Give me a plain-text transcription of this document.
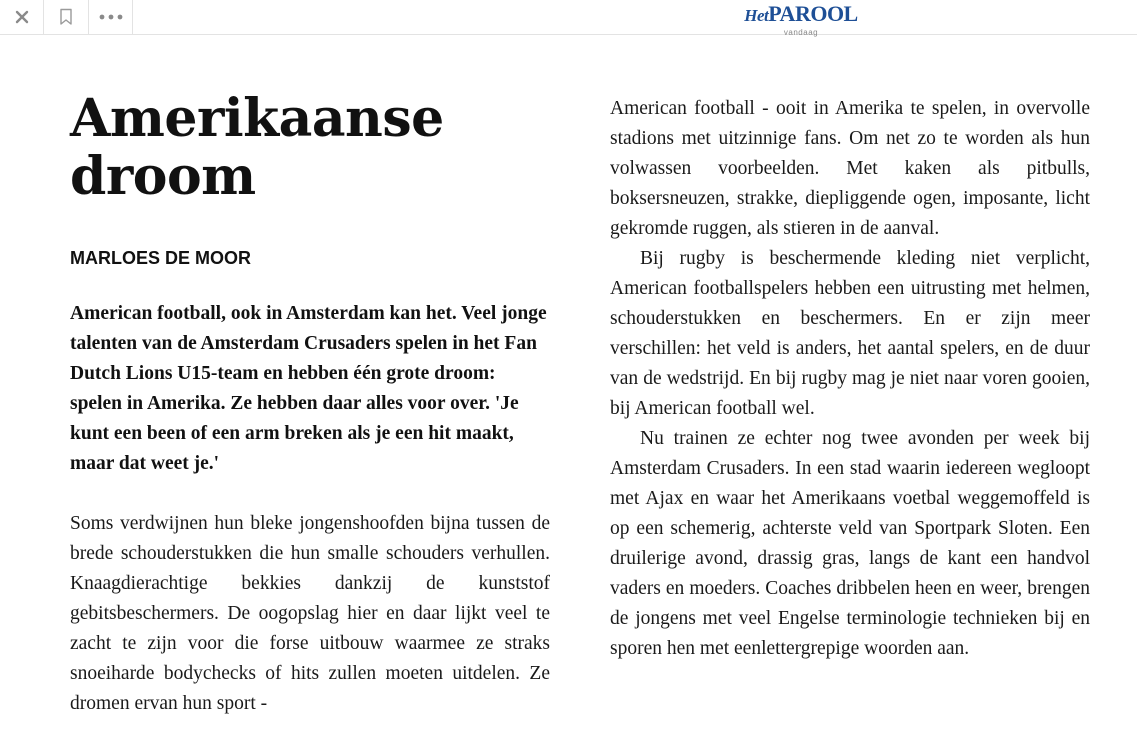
HetPAROOL
vandaag
Amerikaanse droom
MARLOES DE MOOR

American football, ook in Amsterdam kan het. Veel jonge talenten van de Amsterdam Crusaders spelen in het Fan Dutch Lions U15-team en hebben één grote droom: spelen in Amerika. Ze hebben daar alles voor over. 'Je kunt een been of een arm breken als je een hit maakt, maar dat weet je.'

Soms verdwijnen hun bleke jongenshoofden bijna tussen de brede schouderstukken die hun smalle schouders verhullen. Knaagdierachtige bekkies dankzij de kunststof gebitsbeschermers. De oogopslag hier en daar lijkt veel te zacht te zijn voor die forse uitbouw waarmee ze straks snoeiharde bodychecks of hits zullen moeten uitdelen. Ze dromen ervan hun sport -

American football - ooit in Amerika te spelen, in overvolle stadions met uitzinnige fans. Om net zo te worden als hun volwassen voorbeelden. Met kaken als pitbulls, boksersneuzen, strakke, diepliggende ogen, imposante, licht gekromde ruggen, als stieren in de aanval.

Bij rugby is beschermende kleding niet verplicht, American footballspelers hebben een uitrusting met helmen, schouderstukken en beschermers. En er zijn meer verschillen: het veld is anders, het aantal spelers, en de duur van de wedstrijd. En bij rugby mag je niet naar voren gooien, bij American football wel.

Nu trainen ze echter nog twee avonden per week bij Amsterdam Crusaders. In een stad waarin iedereen wegloopt met Ajax en waar het Amerikaans voetbal weggemoffeld is op een schemerig, achterste veld van Sportpark Sloten. Een druilerige avond, drassig gras, langs de kant een handvol vaders en moeders. Coaches dribbelen heen en weer, brengen de jongens met veel Engelse terminologie technieken bij en sporen hen met eenlettergrepige woorden aan.
